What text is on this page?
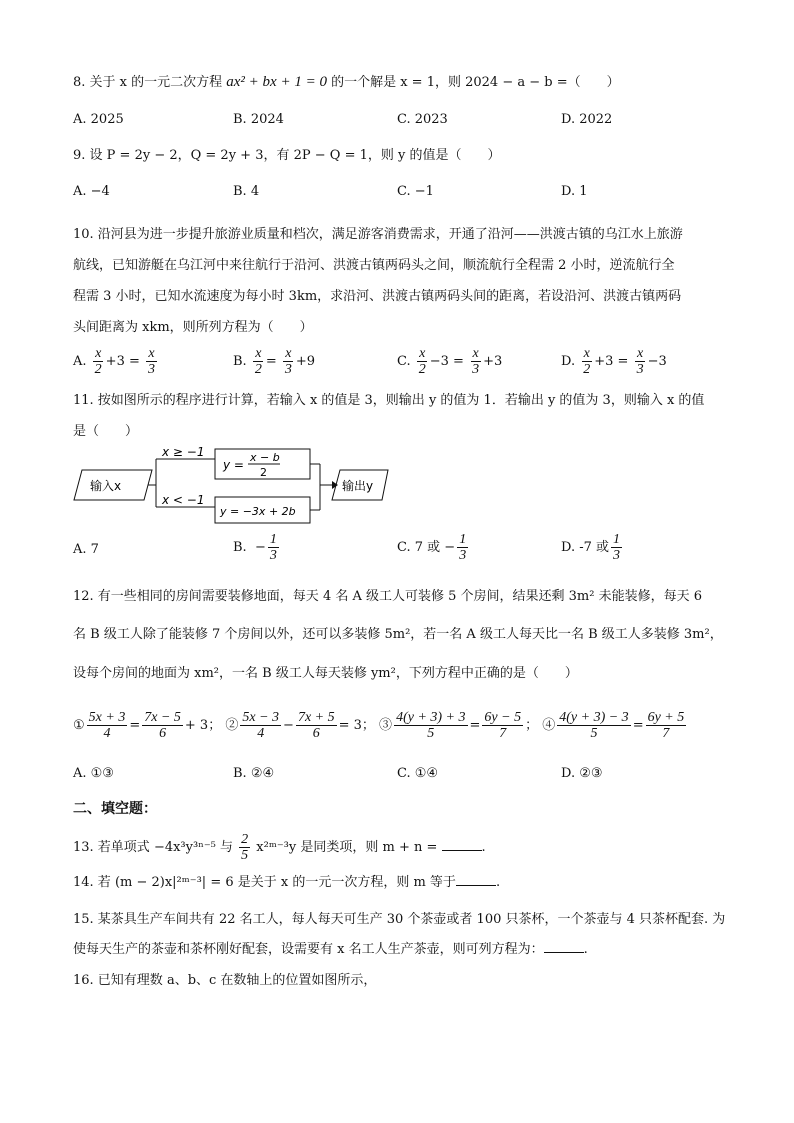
8. 关于 x 的一元二次方程 ax² + bx + 1 = 0 的一个解是 x = 1，则 2024 − a − b =（　　）
A. 2025	B. 2024	C. 2023	D. 2022
9. 设 P = 2y − 2，Q = 2y + 3，有 2P − Q = 1，则 y 的值是（　　）
A. −4	B. 4	C. −1	D. 1
10. 沿河县为进一步提升旅游业质量和档次，满足游客消费需求，开通了沿河——洪渡古镇的乌江水上旅游
航线，已知游艇在乌江河中来往航行于沿河、洪渡古镇两码头之间，顺流航行全程需 2 小时，逆流航行全
程需 3 小时，已知水流速度为每小时 3km，求沿河、洪渡古镇两码头间的距离，若设沿河、洪渡古镇两码
头间距离为 xkm，则所列方程为（　　）
A. $\frac{x}{2} +3 = \frac{x}{3}$	B. $\frac{x}{2} = \frac{x}{3} +9$	C. $\frac{x}{2} -3 = \frac{x}{3} +3$	D. $\frac{x}{2} +3 = \frac{x}{3} -3$
11. 按如图所示的程序进行计算，若输入 x 的值是 3，则输出 y 的值为 1．若输出 y 的值为 3，则输入 x 的值
是（　　）
输入x
x ≥ −1
x < −1
y =
x − b
2
y = −3x + 2b
输出y
A. 7	B. − $\frac{1}{3}$	C. 7 或 − $\frac{1}{3}$	D. -7 或 $\frac{1}{3}$
12. 有一些相同的房间需要装修地面，每天 4 名 A 级工人可装修 5 个房间，结果还剩 3m² 未能装修，每天 6
名 B 级工人除了能装修 7 个房间以外，还可以多装修 5m²，若一名 A 级工人每天比一名 B 级工人多装修 3m²，
设每个房间的地面为 xm²，一名 B 级工人每天装修 ym²，下列方程中正确的是（　　）
① $\frac{5x + 3}{4} = \frac{7x - 5}{6} + 3$； ② $\frac{5x - 3}{4} - \frac{7x + 5}{6} = 3$； ③ $\frac{4(y + 3) + 3}{5} = \frac{6y - 5}{7}$ ； ④ $\frac{4(y + 3) - 3}{5} = \frac{6y + 5}{7}$
A. ①③	B. ②④	C. ①④	D. ②③
二、填空题：
13. 若单项式 −4x³y³ⁿ⁻⁵ 与 $\frac{2}{5}$ x²ᵐ⁻³y 是同类项，则 m + n =	.
14. 若 (m − 2)x|²ᵐ⁻³| = 6 是关于 x 的一元一次方程，则 m 等于	.
15. 某茶具生产车间共有 22 名工人，每人每天可生产 30 个茶壶或者 100 只茶杯，一个茶壶与 4 只茶杯配套. 为
使每天生产的茶壶和茶杯刚好配套，设需要有 x 名工人生产茶壶，则可列方程为：	.
16. 已知有理数 a、b、c 在数轴上的位置如图所示，
